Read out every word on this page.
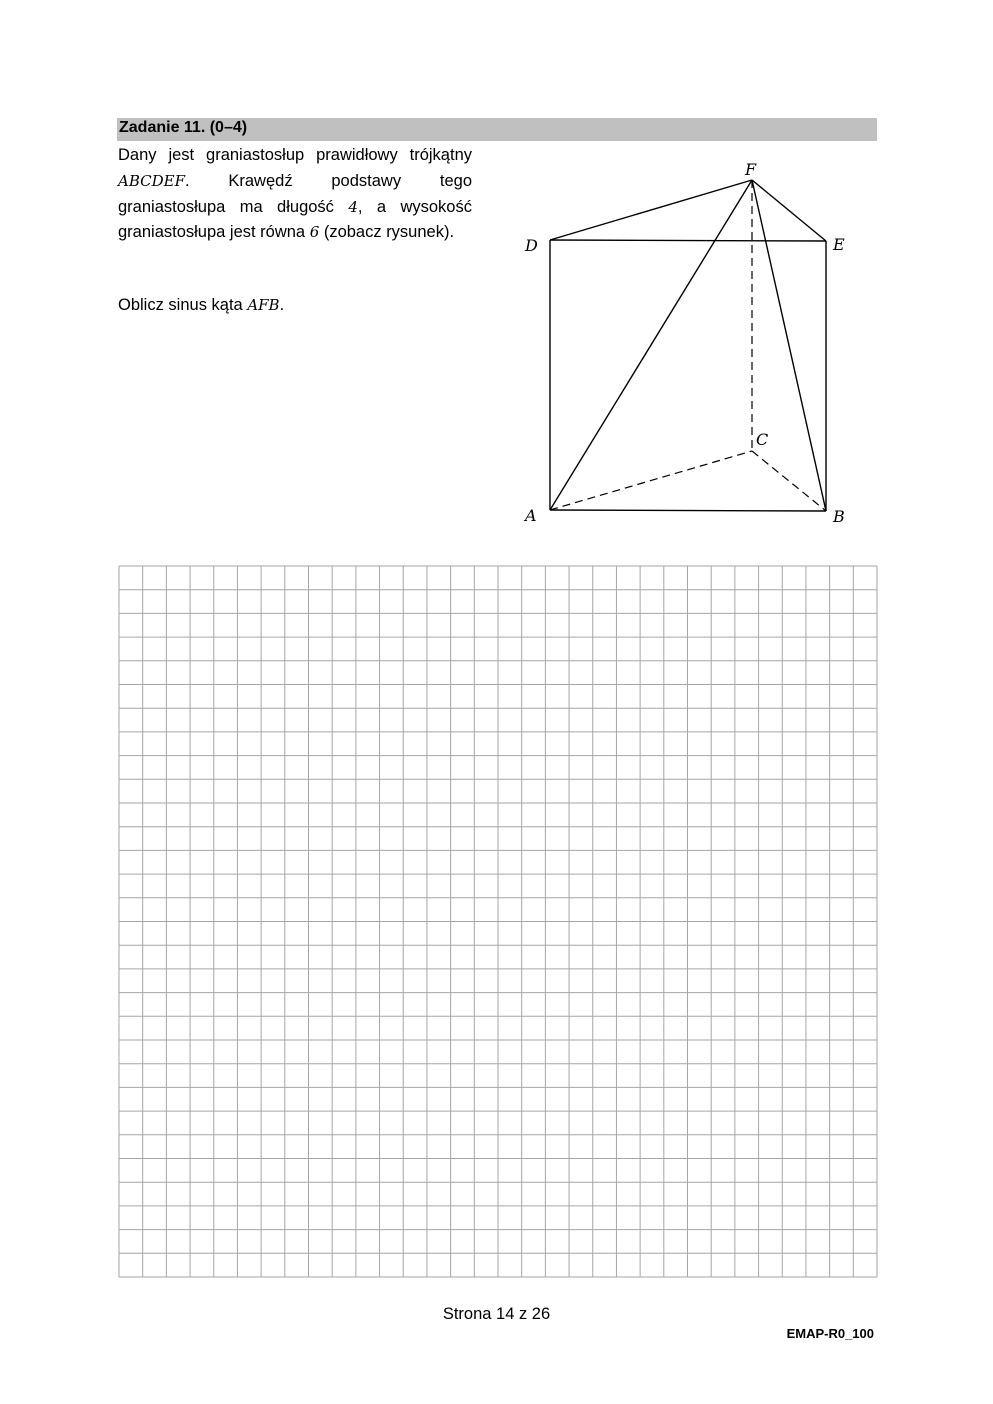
Zadanie 11. (0–4)

Dany jest graniastosłup prawidłowy trójkątny ABCDEF. Krawędź podstawy tego graniastosłupa ma długość 4, a wysokość graniastosłupa jest równa 6 (zobacz rysunek).

Oblicz sinus kąta AFB.
F
D	E
C
A	B
Strona 14 z 26
EMAP-R0_100
